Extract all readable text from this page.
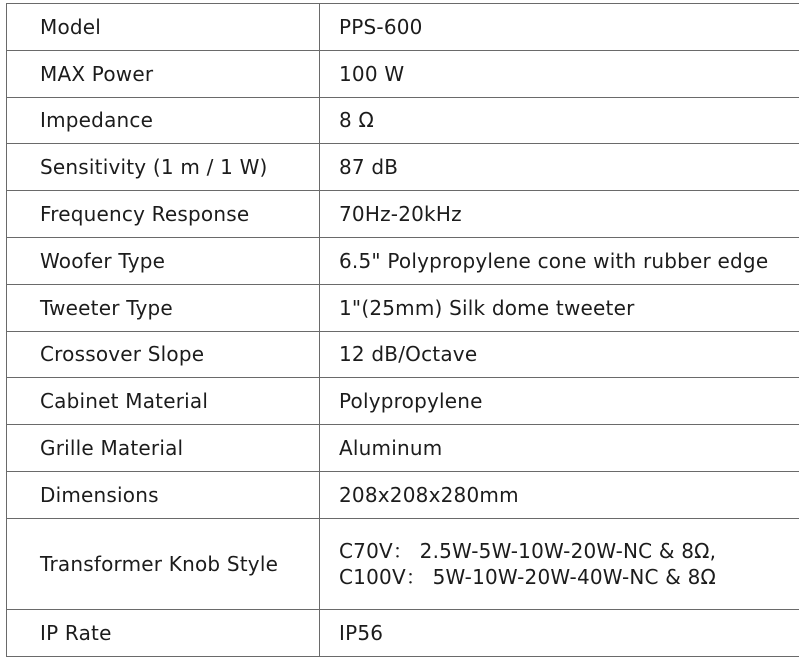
Model	PPS-600
MAX Power	100 W
Impedance	8 Ω
Sensitivity (1 m / 1 W)	87 dB
Frequency Response	70Hz-20kHz
Woofer Type	6.5" Polypropylene cone with rubber edge
Tweeter Type	1"(25mm) Silk dome tweeter
Crossover Slope	12 dB/Octave
Cabinet Material	Polypropylene
Grille Material	Aluminum
Dimensions	208x208x280mm
Transformer Knob Style	C70V： 2.5W-5W-10W-20W-NC & 8Ω,
C100V： 5W-10W-20W-40W-NC & 8Ω

IP Rate	IP56
